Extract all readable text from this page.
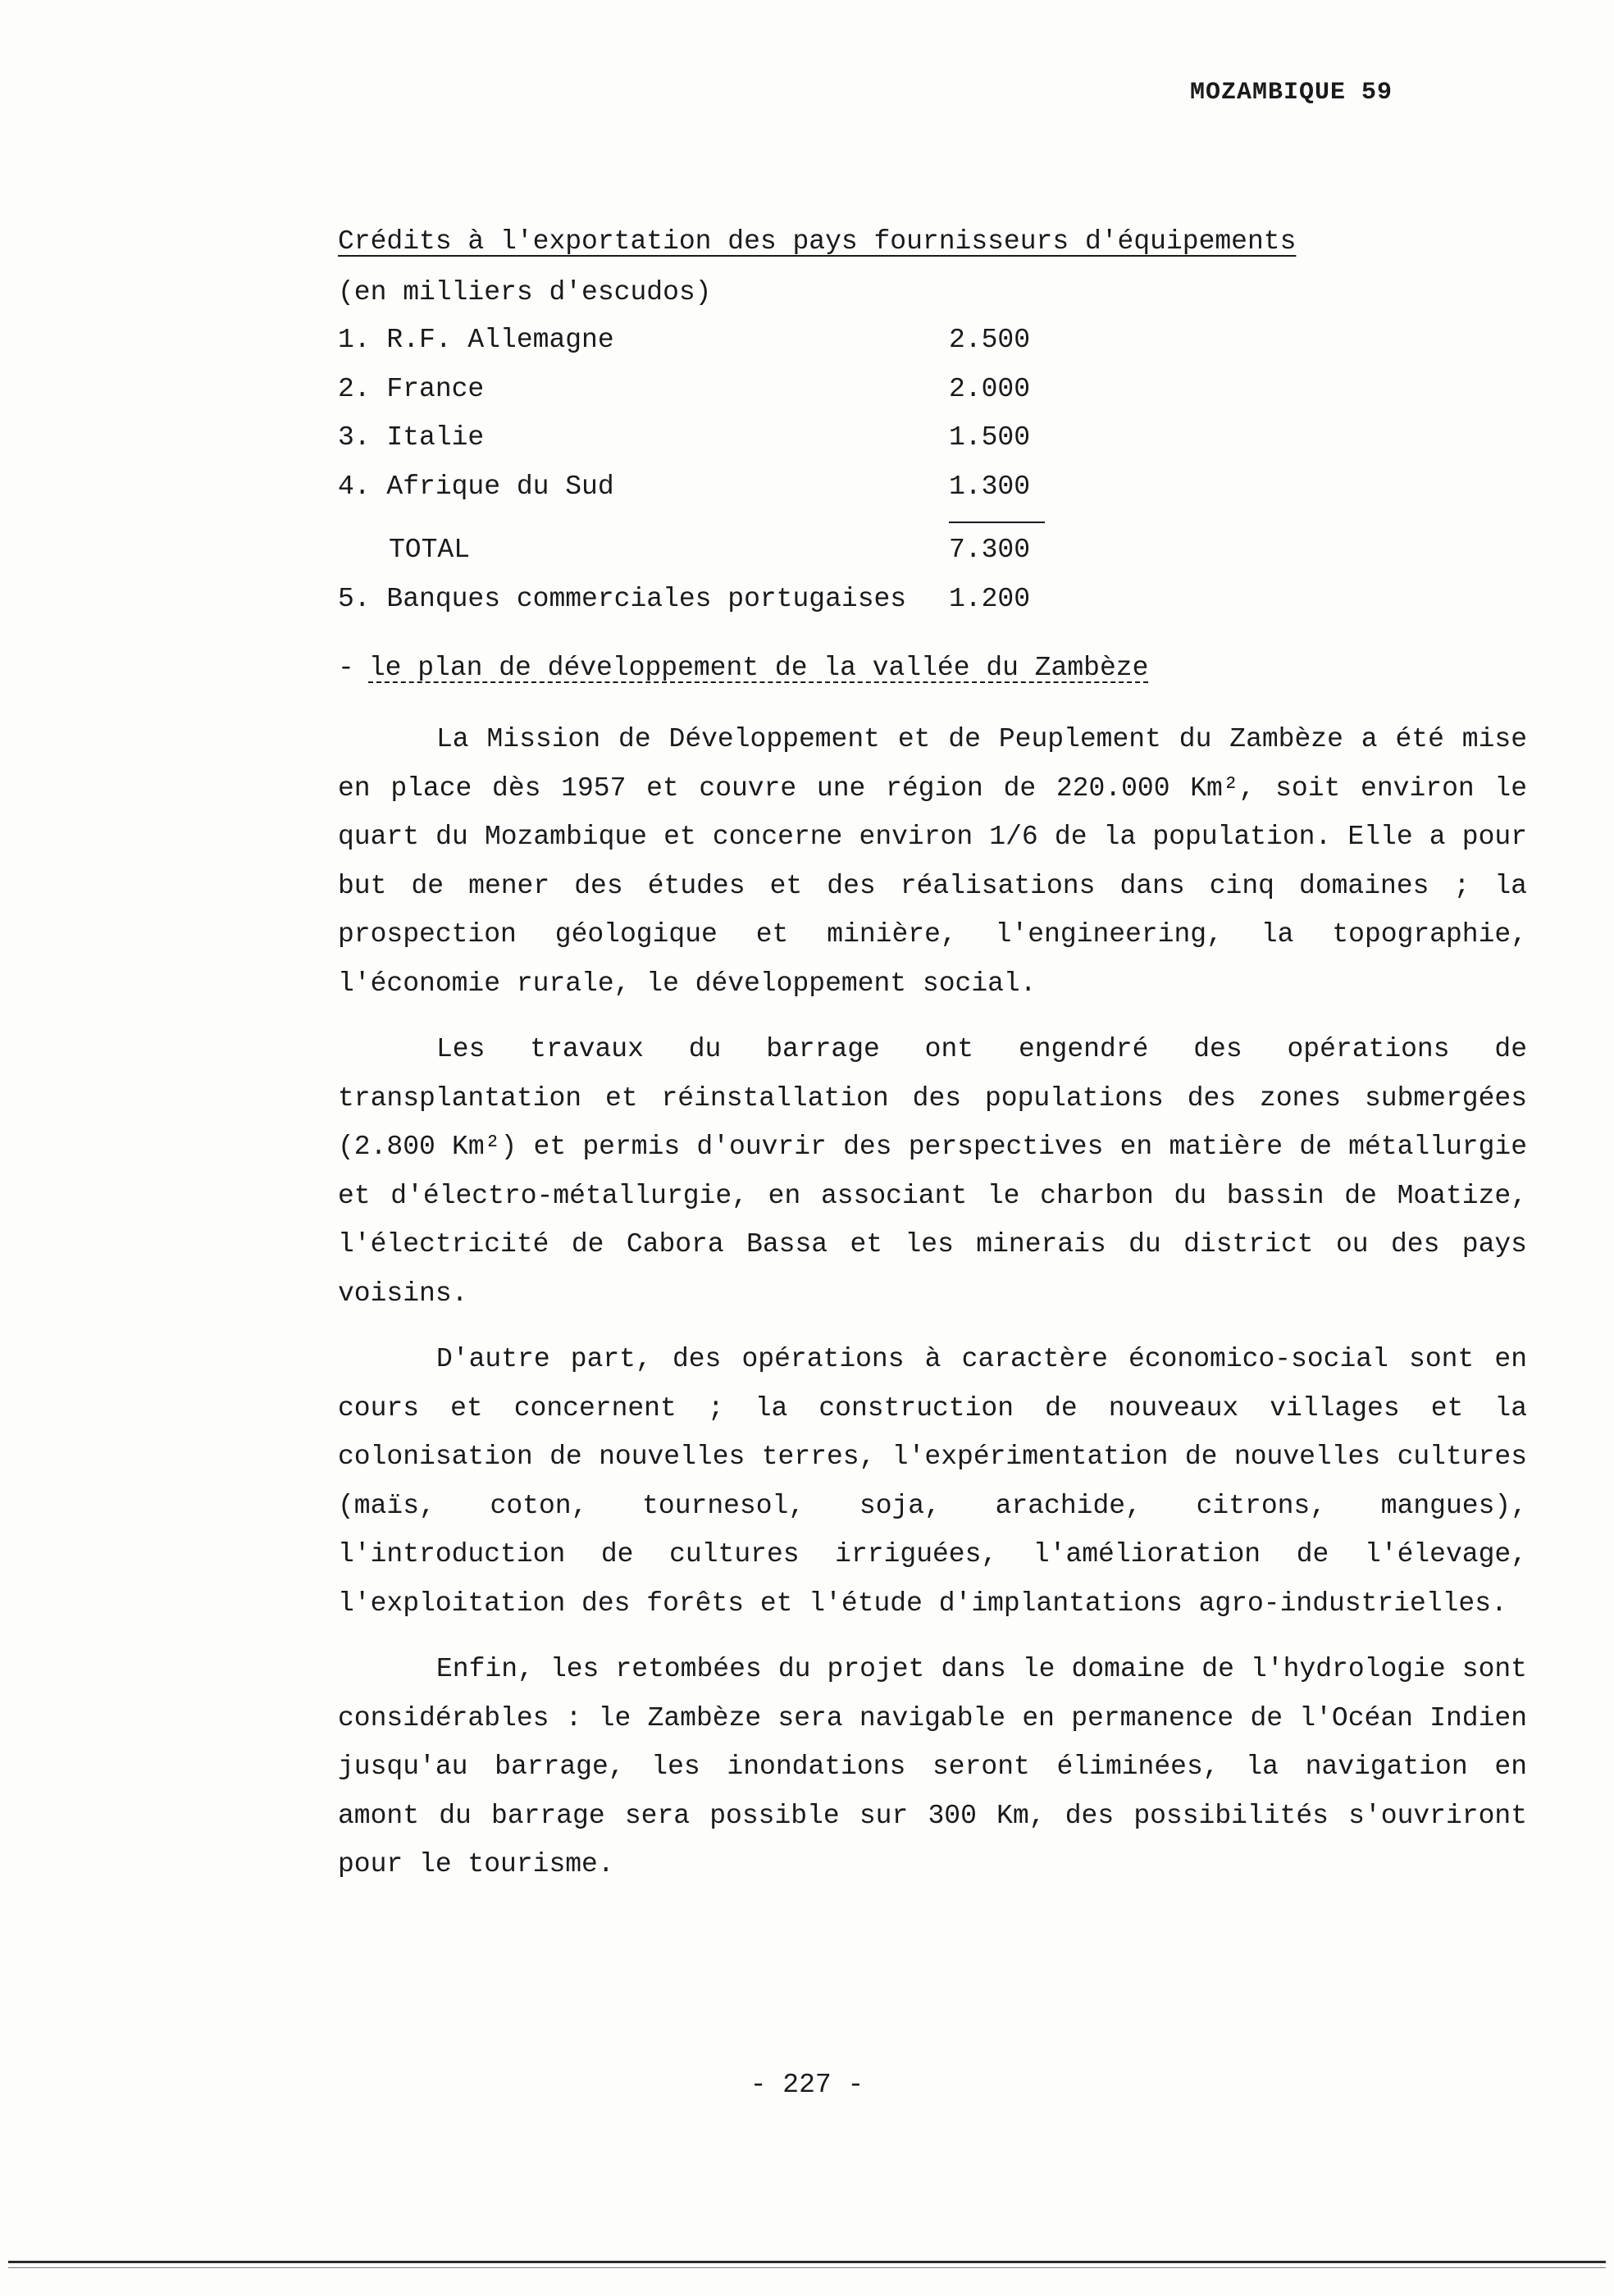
MOZAMBIQUE 59
Crédits à l'exportation des pays fournisseurs d'équipements
(en milliers d'escudos)
1. R.F. Allemagne	2.500
2. France	2.000
3. Italie	1.500
4. Afrique du Sud	1.300
TOTAL	7.300
5. Banques commerciales portugaises 1.200
- le plan de développement de la vallée du Zambèze

La Mission de Développement et de Peuplement du Zambèze a été mise en place dès 1957 et couvre une région de 220.000 Km², soit environ le quart du Mozambique et concerne environ 1/6 de la population. Elle a pour but de mener des études et des réalisations dans cinq domaines ; la prospection géologique et minière, l'engineering, la topographie, l'économie rurale, le développement social.

Les travaux du barrage ont engendré des opérations de transplantation et réinstallation des populations des zones submergées (2.800 Km²) et permis d'ouvrir des perspectives en matière de métallurgie et d'électro-métallurgie, en associant le charbon du bassin de Moatize, l'électricité de Cabora Bassa et les minerais du district ou des pays voisins.

D'autre part, des opérations à caractère économico-social sont en cours et concernent ; la construction de nouveaux villages et la colonisation de nouvelles terres, l'expérimentation de nouvelles cultures (maïs, coton, tournesol, soja, arachide, citrons, mangues), l'introduction de cultures irriguées, l'amélioration de l'élevage, l'exploitation des forêts et l'étude d'implantations agro-industrielles.

Enfin, les retombées du projet dans le domaine de l'hydrologie sont considérables : le Zambèze sera navigable en permanence de l'Océan Indien jusqu'au barrage, les inondations seront éliminées, la navigation en amont du barrage sera possible sur 300 Km, des possibilités s'ouvriront pour le tourisme.

- 227 -
